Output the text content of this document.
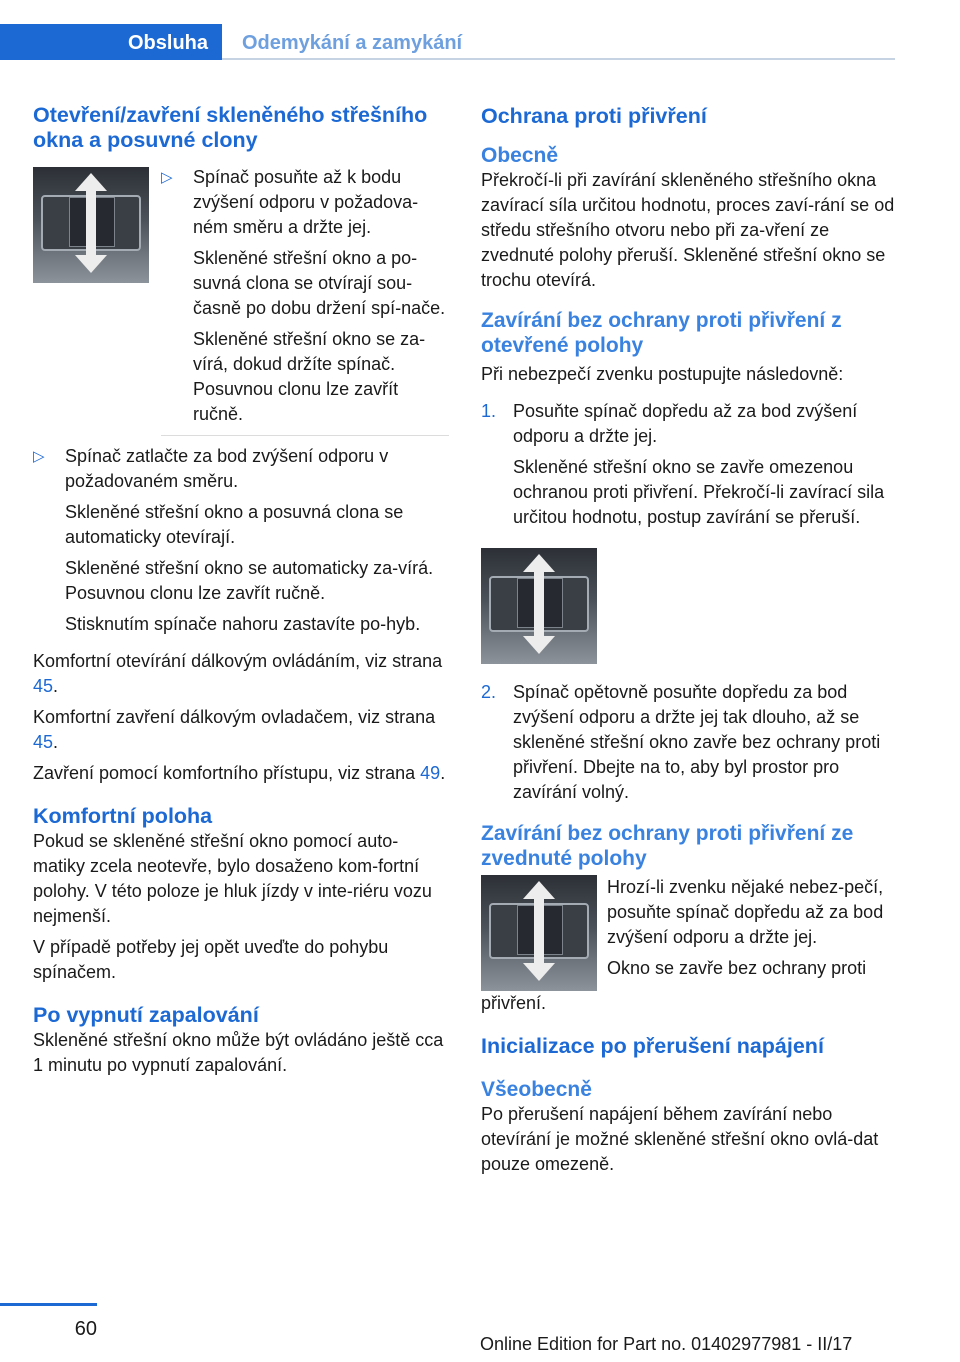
Obsluha	Odemykání a zamykání
Otevření/zavření skleněného střešního okna a posuvné clony
▷	Spínač posuňte až k bodu zvýšení odporu v požadova-ném směru a držte jej.

Skleněné střešní okno a po-suvná clona se otvírají sou-časně po dobu držení spí-nače.

Skleněné střešní okno se za-vírá, dokud držíte spínač. Posuvnou clonu lze zavřít ručně.

▷	Spínač zatlačte za bod zvýšení odporu v požadovaném směru.

Skleněné střešní okno a posuvná clona se automaticky otevírají.

Skleněné střešní okno se automaticky za-vírá. Posuvnou clonu lze zavřít ručně.

Stisknutím spínače nahoru zastavíte po-hyb.

Komfortní otevírání dálkovým ovládáním, viz strana 45.

Komfortní zavření dálkovým ovladačem, viz strana 45.

Zavření pomocí komfortního přístupu, viz strana 49.

Komfortní poloha

Pokud se skleněné střešní okno pomocí auto-matiky zcela neotevře, bylo dosaženo kom-fortní polohy. V této poloze je hluk jízdy v inte-riéru vozu nejmenší.

V případě potřeby jej opět uveďte do pohybu spínačem.

Po vypnutí zapalování

Skleněné střešní okno může být ovládáno ještě cca 1 minutu po vypnutí zapalování.

Ochrana proti přivření
Obecně

Překročí-li při zavírání skleněného střešního okna zavírací síla určitou hodnotu, proces zaví-rání se od středu střešního otvoru nebo při za-vření ze zvednuté polohy přeruší. Skleněné střešní okno se trochu otevírá.

Zavírání bez ochrany proti přivření z otevřené polohy

Při nebezpečí zvenku postupujte následovně:

1. Posuňte spínač dopředu až za bod zvýšení odporu a držte jej.

Skleněné střešní okno se zavře omezenou ochranou proti přivření. Překročí-li zavírací sila určitou hodnotu, postup zavírání se přeruší.

2. Spínač opětovně posuňte dopředu za bod zvýšení odporu a držte jej tak dlouho, až se skleněné střešní okno zavře bez ochrany proti přivření. Dbejte na to, aby byl prostor pro zavírání volný.

Zavírání bez ochrany proti přivření ze zvednuté polohy

Hrozí-li zvenku nějaké nebez-pečí, posuňte spínač dopředu až za bod zvýšení odporu a držte jej.

Okno se zavře bez ochrany proti

přivření.

Inicializace po přerušení napájení
Všeobecně

Po přerušení napájení během zavírání nebo otevírání je možné skleněné střešní okno ovlá-dat pouze omezeně.

60
Online Edition for Part no. 01402977981 - II/17
